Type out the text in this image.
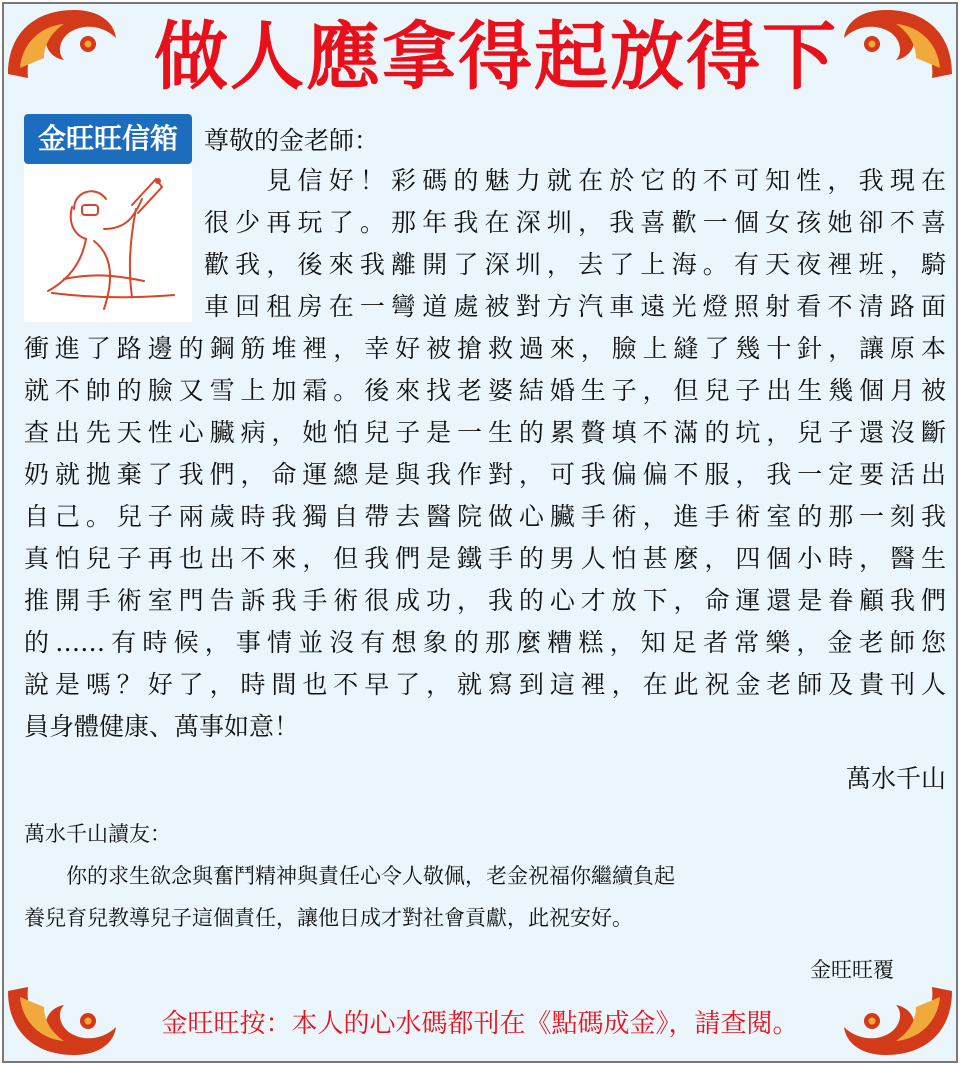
做人應拿得起放得下
金旺旺信箱	尊敬的金老師：
　　見信好！彩碼的魅力就在於它的不可知性，我現在
很少再玩了。那年我在深圳，我喜歡一個女孩她卻不喜
歡我，後來我離開了深圳，去了上海。有天夜裡班，騎
車回租房在一彎道處被對方汽車遠光燈照射看不清路面
衝進了路邊的鋼筋堆裡，幸好被搶救過來，臉上縫了幾十針，讓原本
就不帥的臉又雪上加霜。後來找老婆結婚生子，但兒子出生幾個月被
查出先天性心臟病，她怕兒子是一生的累贅填不滿的坑，兒子還沒斷
奶就拋棄了我們，命運總是與我作對，可我偏偏不服，我一定要活出
自己。兒子兩歲時我獨自帶去醫院做心臟手術，進手術室的那一刻我
真怕兒子再也出不來，但我們是鐵手的男人怕甚麼，四個小時，醫生
推開手術室門告訴我手術很成功，我的心才放下，命運還是眷顧我們
的……有時候，事情並沒有想象的那麼糟糕，知足者常樂，金老師您
說是嗎？好了，時間也不早了，就寫到這裡，在此祝金老師及貴刊人
員身體健康、萬事如意！
萬水千山
萬水千山讀友：
　　你的求生欲念與奮鬥精神與責任心令人敬佩，老金祝福你繼續負起
養兒育兒教導兒子這個責任，讓他日成才對社會貢獻，此祝安好。
金旺旺覆
金旺旺按：本人的心水碼都刊在《點碼成金》，請查閱。
